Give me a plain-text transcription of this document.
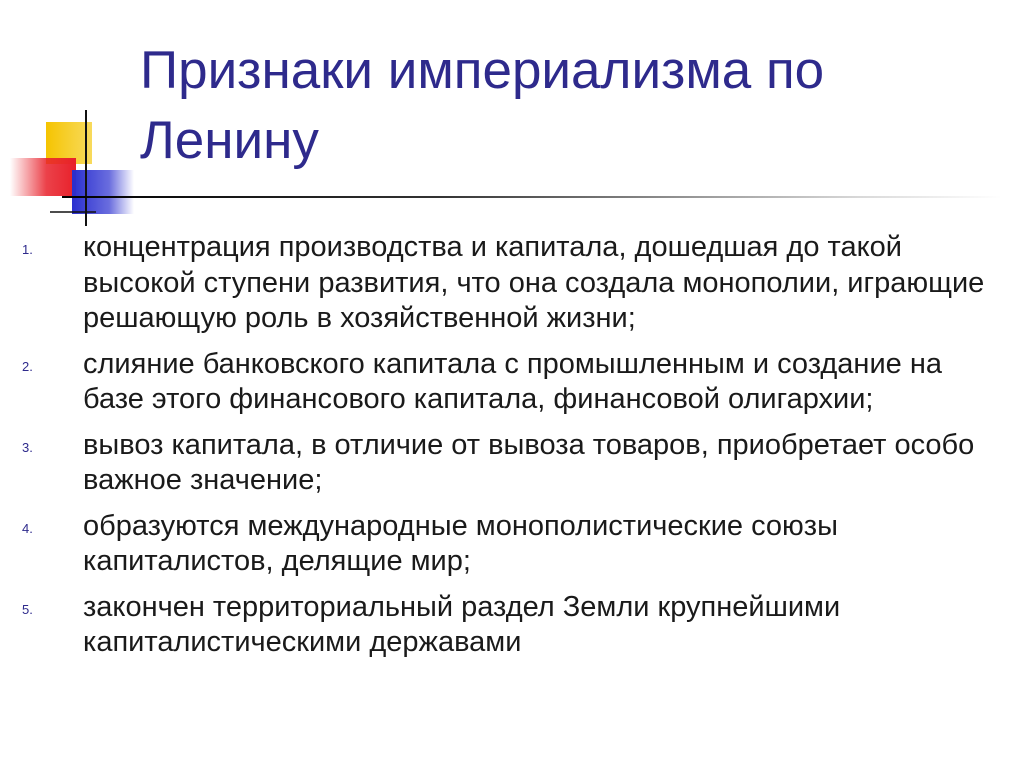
Признаки империализма по Ленину
1. концентрация производства и капитала, дошедшая до такой высокой ступени развития, что она создала монополии, играющие решающую роль в хозяйственной жизни;
2. слияние банковского капитала с промышленным и создание на базе этого финансового капитала, финансовой олигархии;
3. вывоз капитала, в отличие от вывоза товаров, приобретает особо важное значение;
4. образуются международные монополистические союзы капиталистов, делящие мир;
5. закончен территориальный раздел Земли крупнейшими капиталистическими державами
